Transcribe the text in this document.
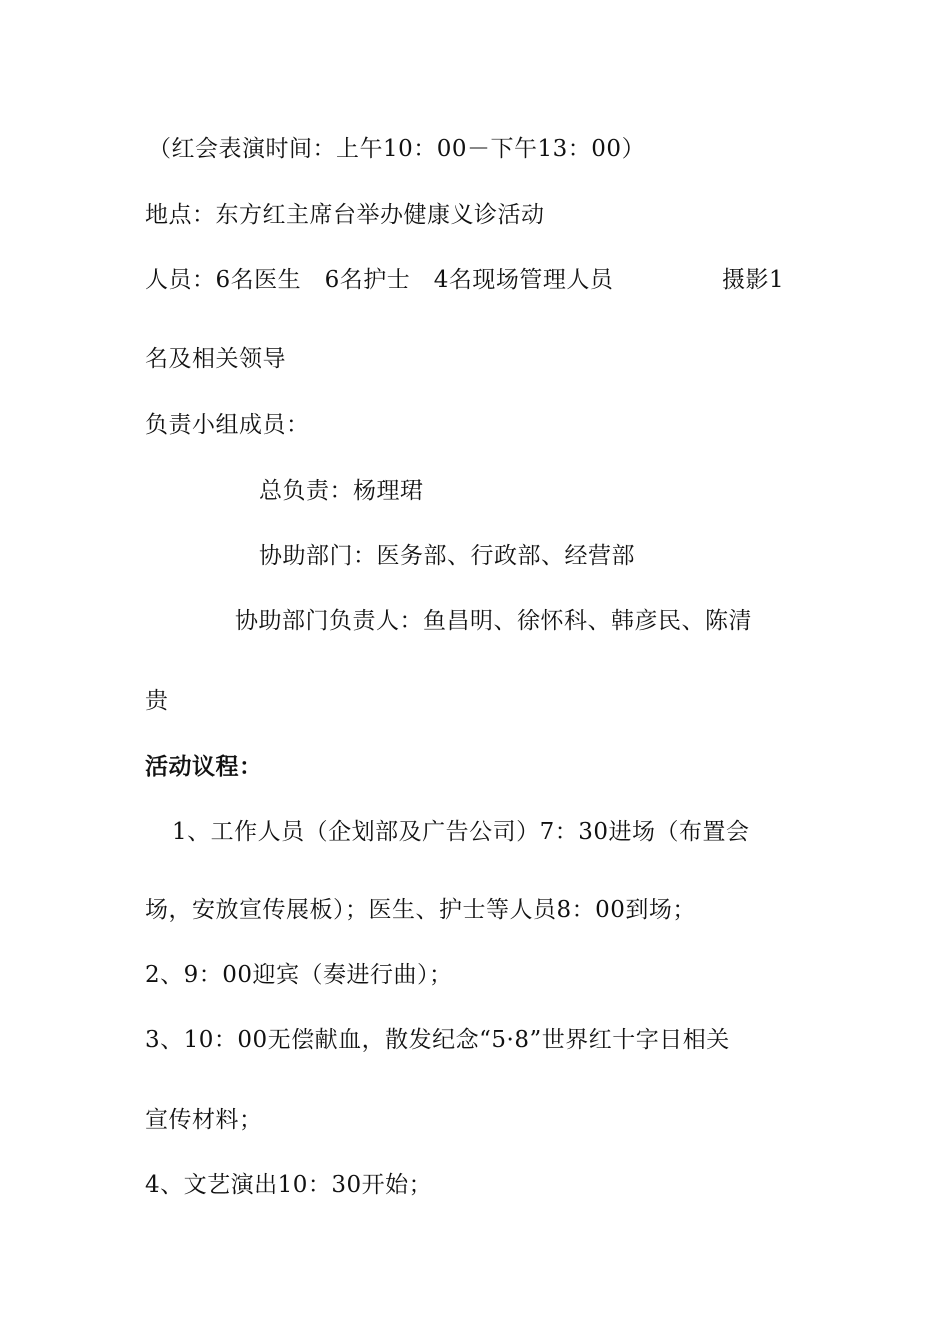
（红会表演时间：上午10：00－下午13：00）
地点：东方红主席台举办健康义诊活动
人员：6名医生　6名护士　4名现场管理人员	摄影1
名及相关领导
负责小组成员：
总负责：杨理珺
协助部门：医务部、行政部、经营部
协助部门负责人：鱼昌明、徐怀科、韩彦民、陈清
贵
活动议程：
1、工作人员（企划部及广告公司）7：30进场（布置会
场，安放宣传展板）；医生、护士等人员8：00到场；
2、9：00迎宾（奏进行曲）；
3、10：00无偿献血，散发纪念“5·8”世界红十字日相关
宣传材料；
4、文艺演出10：30开始；
